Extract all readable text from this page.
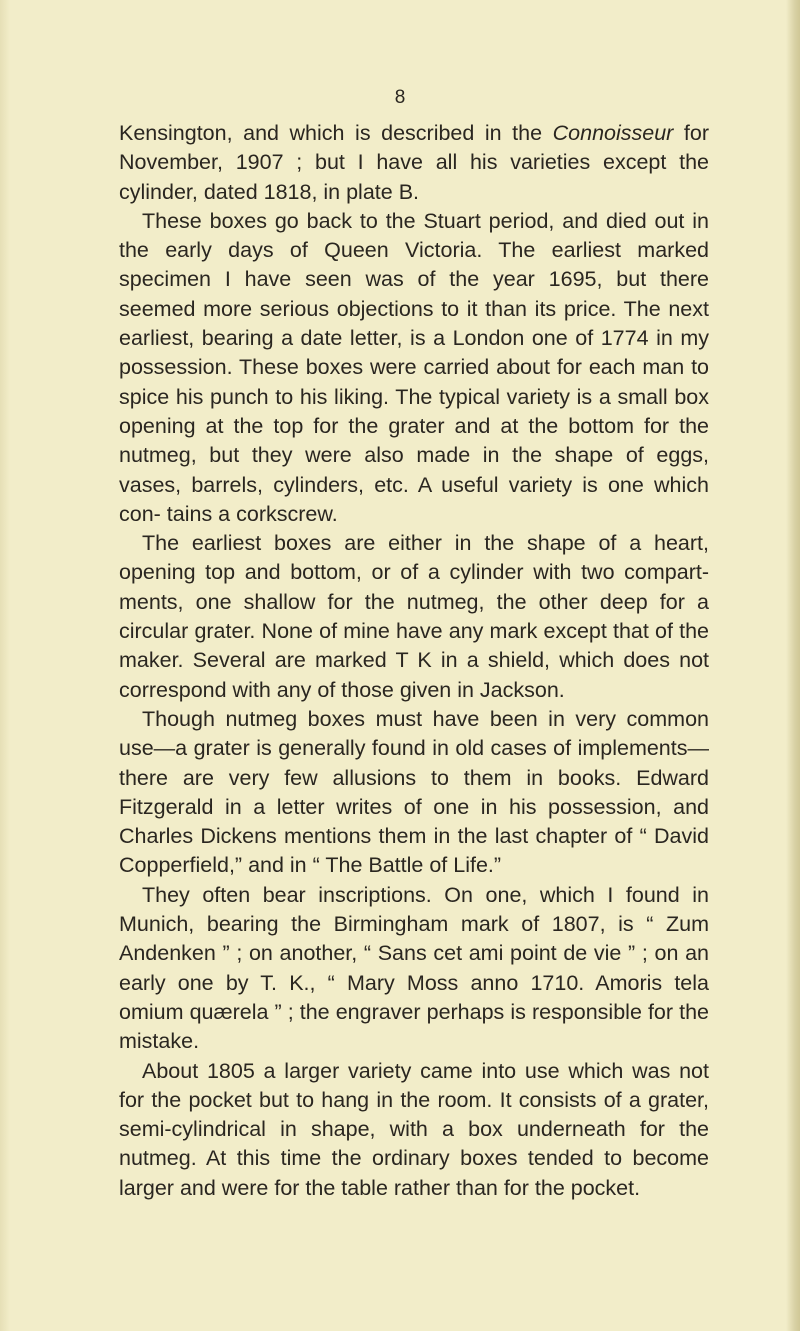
8

Kensington, and which is described in the Connoisseur for November, 1907 ; but I have all his varieties except the cylinder, dated 1818, in plate B.

These boxes go back to the Stuart period, and died out in the early days of Queen Victoria. The earliest marked specimen I have seen was of the year 1695, but there seemed more serious objections to it than its price. The next earliest, bearing a date letter, is a London one of 1774 in my possession. These boxes were carried about for each man to spice his punch to his liking. The typical variety is a small box opening at the top for the grater and at the bottom for the nutmeg, but they were also made in the shape of eggs, vases, barrels, cylinders, etc. A useful variety is one which con- tains a corkscrew.

The earliest boxes are either in the shape of a heart, opening top and bottom, or of a cylinder with two compart- ments, one shallow for the nutmeg, the other deep for a circular grater. None of mine have any mark except that of the maker. Several are marked T K in a shield, which does not correspond with any of those given in Jackson.

Though nutmeg boxes must have been in very common use—a grater is generally found in old cases of implements— there are very few allusions to them in books. Edward Fitzgerald in a letter writes of one in his possession, and Charles Dickens mentions them in the last chapter of “ David Copperfield,” and in “ The Battle of Life.”

They often bear inscriptions. On one, which I found in Munich, bearing the Birmingham mark of 1807, is “ Zum Andenken ” ; on another, “ Sans cet ami point de vie ” ; on an early one by T. K., “ Mary Moss anno 1710. Amoris tela omium quærela ” ; the engraver perhaps is responsible for the mistake.

About 1805 a larger variety came into use which was not for the pocket but to hang in the room. It consists of a grater, semi-cylindrical in shape, with a box underneath for the nutmeg. At this time the ordinary boxes tended to become larger and were for the table rather than for the pocket.
